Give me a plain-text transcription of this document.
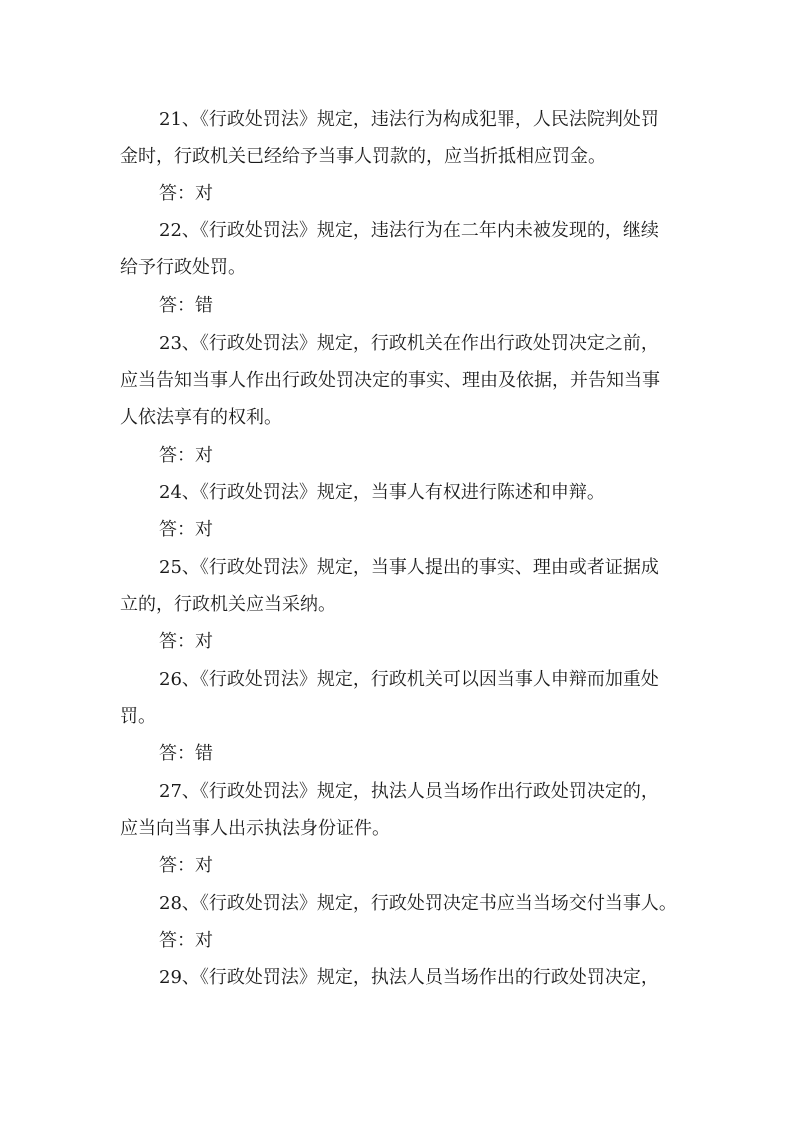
21、《行政处罚法》规定，违法行为构成犯罪，人民法院判处罚
金时，行政机关已经给予当事人罚款的，应当折抵相应罚金。
答：对
22、《行政处罚法》规定，违法行为在二年内未被发现的，继续
给予行政处罚。
答：错
23、《行政处罚法》规定，行政机关在作出行政处罚决定之前，
应当告知当事人作出行政处罚决定的事实、理由及依据，并告知当事
人依法享有的权利。
答：对
24、《行政处罚法》规定，当事人有权进行陈述和申辩。
答：对
25、《行政处罚法》规定，当事人提出的事实、理由或者证据成
立的，行政机关应当采纳。
答：对
26、《行政处罚法》规定，行政机关可以因当事人申辩而加重处
罚。
答：错
27、《行政处罚法》规定，执法人员当场作出行政处罚决定的，
应当向当事人出示执法身份证件。
答：对
28、《行政处罚法》规定，行政处罚决定书应当当场交付当事人。
答：对
29、《行政处罚法》规定，执法人员当场作出的行政处罚决定，
